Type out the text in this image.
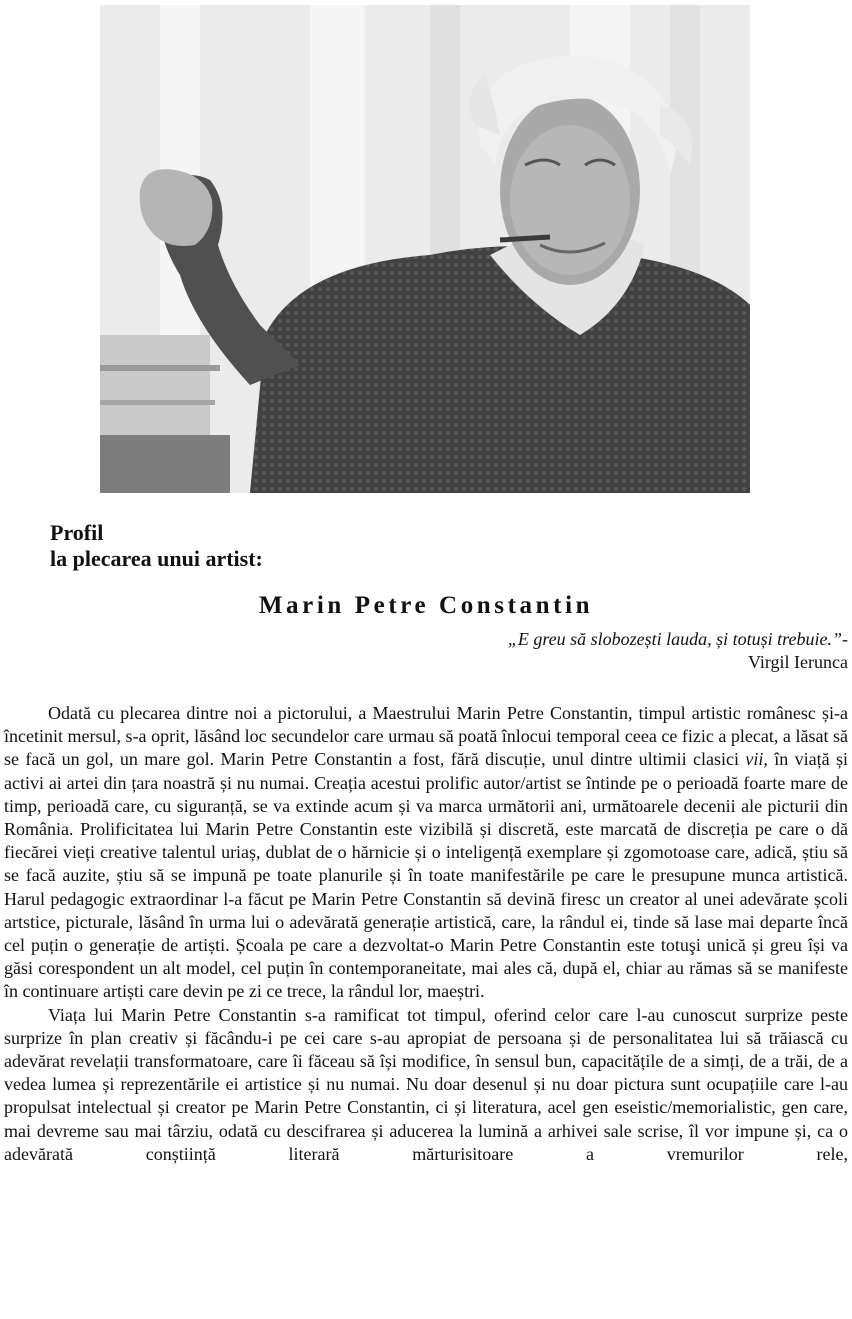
Profil
la plecarea unui artist:
Marin Petre Constantin
„E greu să slobozești lauda, și totuși trebuie.”-
Virgil Ierunca

Odată cu plecarea dintre noi a pictorului, a Maestrului Marin Petre Constantin, timpul artistic românesc și-a încetinit mersul, s-a oprit, lăsând loc secundelor care urmau să poată înlocui temporal ceea ce fizic a plecat, a lăsat să se facă un gol, un mare gol. Marin Petre Constantin a fost, fără discuție, unul dintre ultimii clasici vii, în viață și activi ai artei din țara noastră și nu numai. Creația acestui prolific autor/artist se întinde pe o perioadă foarte mare de timp, perioadă care, cu siguranță, se va extinde acum și va marca următorii ani, următoarele decenii ale picturii din România. Prolificitatea lui Marin Petre Constantin este vizibilă și discretă, este marcată de discreția pe care o dă fiecărei vieți creative talentul uriaș, dublat de o hărnicie și o inteligență exemplare și zgomotoase care, adică, știu să se facă auzite, știu să se impună pe toate planurile și în toate manifestările pe care le presupune munca artistică. Harul pedagogic extraordinar l-a făcut pe Marin Petre Constantin să devină firesc un creator al unei adevărate școli artstice, picturale, lăsând în urma lui o adevărată generație artistică, care, la rândul ei, tinde să lase mai departe încă cel puțin o generație de artiști. Școala pe care a dezvoltat-o Marin Petre Constantin este totuşi unică și greu își va găsi corespondent un alt model, cel puțin în contemporaneitate, mai ales că, după el, chiar au rămas să se manifeste în continuare artiști care devin pe zi ce trece, la rândul lor, maeștri.

Viața lui Marin Petre Constantin s-a ramificat tot timpul, oferind celor care l-au cunoscut surprize peste surprize în plan creativ și făcându-i pe cei care s-au apropiat de persoana și de personalitatea lui să trăiască cu adevărat revelații transformatoare, care îi făceau să își modifice, în sensul bun, capacitățile de a simți, de a trăi, de a vedea lumea și reprezentările ei artistice și nu numai. Nu doar desenul și nu doar pictura sunt ocupațiile care l-au propulsat intelectual și creator pe Marin Petre Constantin, ci și literatura, acel gen eseistic/memorialistic, gen care, mai devreme sau mai târziu, odată cu descifrarea și aducerea la lumină a arhivei sale scrise, îl vor impune și, ca o adevărată conștiință literară mărturisitoare a vremurilor rele,
